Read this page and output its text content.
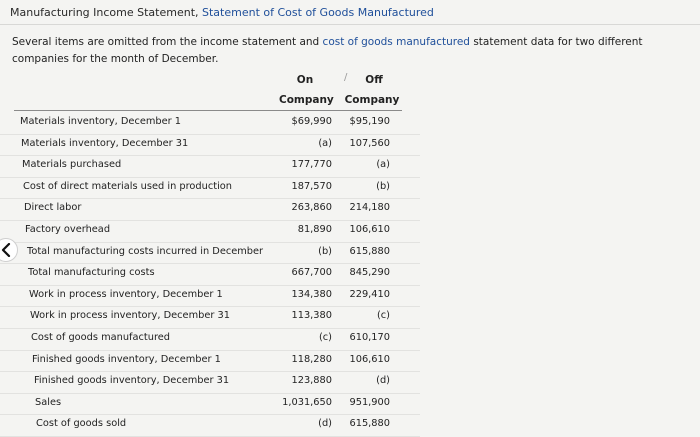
Manufacturing Income Statement, Statement of Cost of Goods Manufactured
Several items are omitted from the income statement and cost of goods manufactured statement data for two different companies for the month of December.
/
On
Company
Off
Company
Materials inventory, December 1	$69,990 $95,190
Materials inventory, December 31	(a) 107,560
Materials purchased	177,770	(a)
Cost of direct materials used in production	187,570	(b)
Direct labor	263,860 214,180
Factory overhead	81,890 106,610
Total manufacturing costs incurred in December	(b) 615,880
Total manufacturing costs	667,700 845,290
Work in process inventory, December 1	134,380 229,410
Work in process inventory, December 31	113,380	(c)
Cost of goods manufactured	(c) 610,170
Finished goods inventory, December 1	118,280 106,610
Finished goods inventory, December 31	123,880	(d)
Sales	1,031,650 951,900
Cost of goods sold	(d) 615,880
